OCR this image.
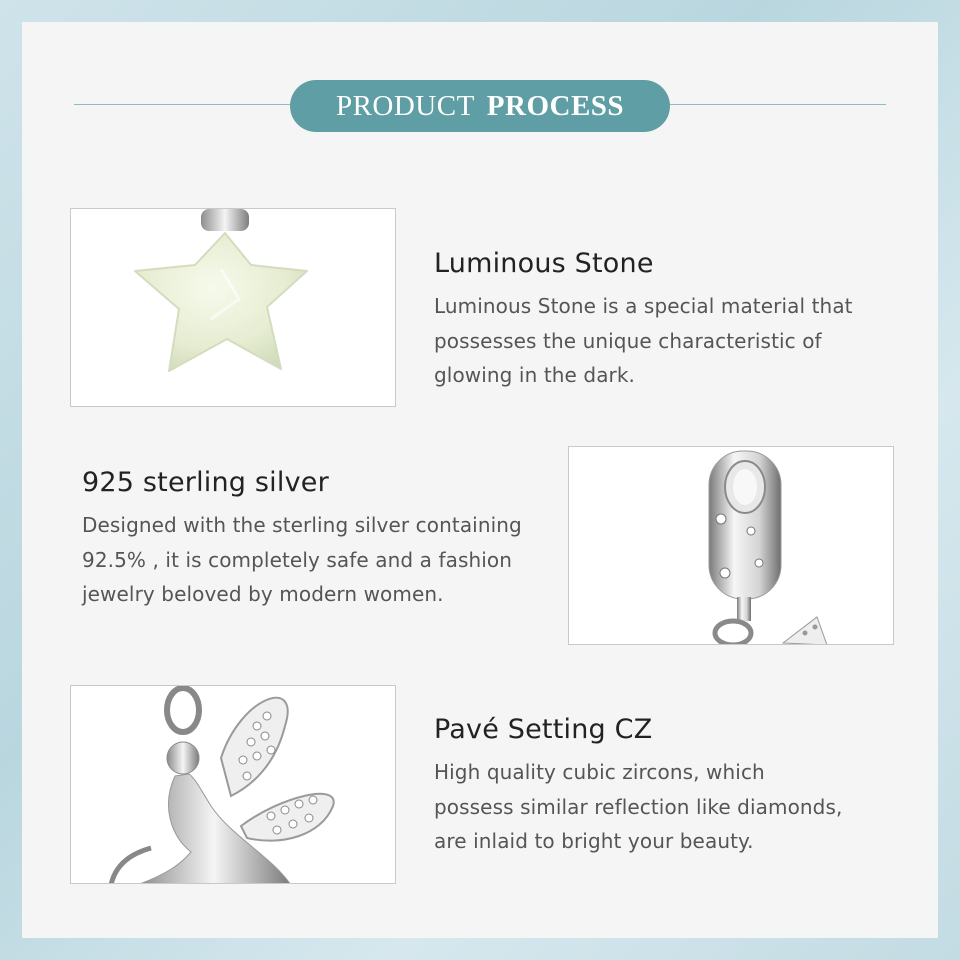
PRODUCT PROCESS
Luminous Stone

Luminous Stone is a special material that

possesses the unique characteristic of

glowing in the dark.

925 sterling silver

Designed with the sterling silver containing

92.5% , it is completely safe and a fashion

jewelry beloved by modern women.

Pavé Setting CZ

High quality cubic zircons, which

possess similar reflection like diamonds,

are inlaid to bright your beauty.
